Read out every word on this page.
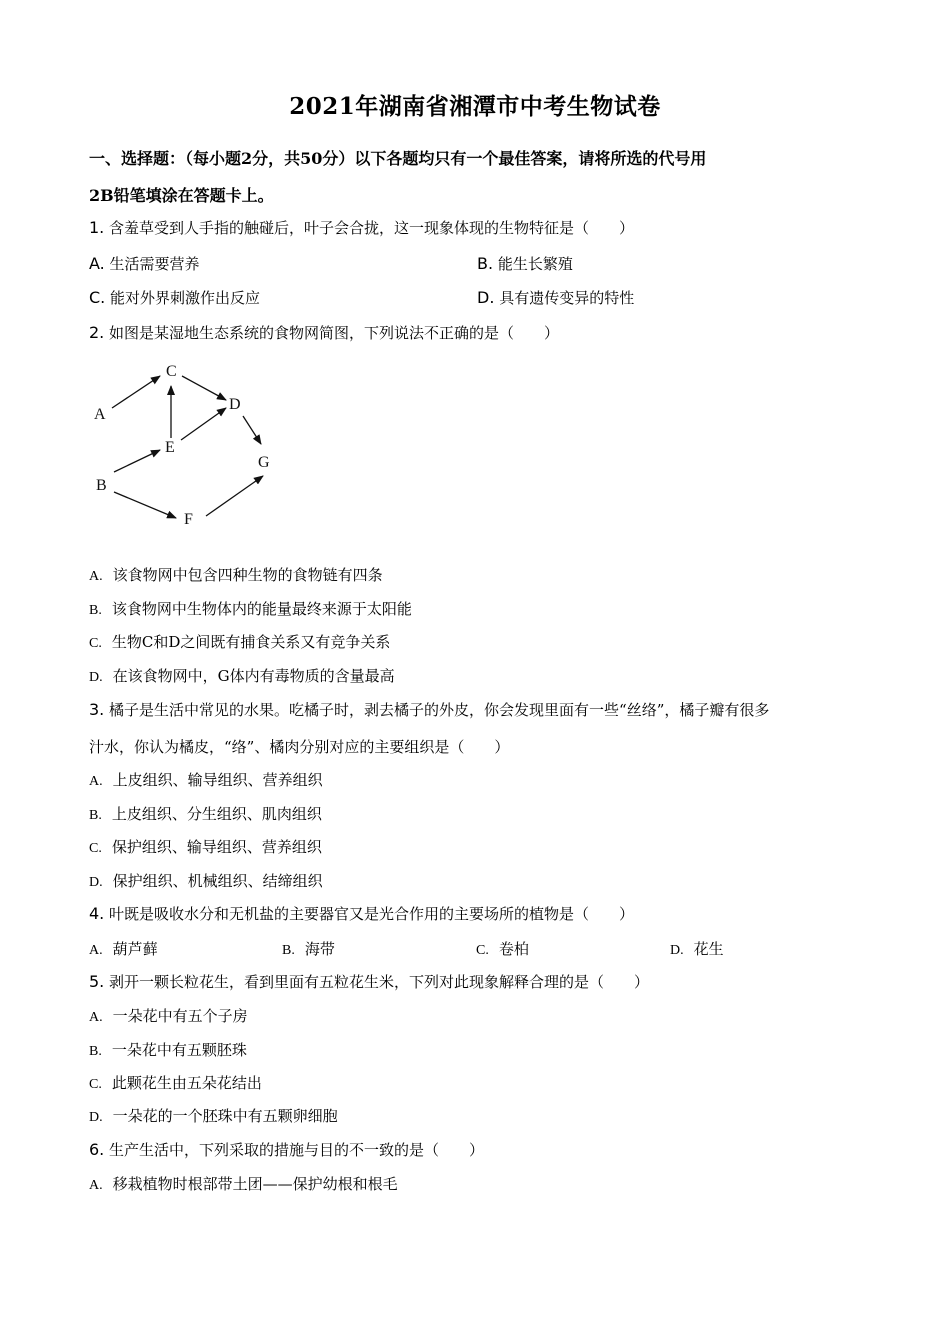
2021年湖南省湘潭市中考生物试卷
一、选择题：（每小题2分，共50分）以下各题均只有一个最佳答案，请将所选的代号用
2B铅笔填涂在答题卡上。
1. 含羞草受到人手指的触碰后，叶子会合拢，这一现象体现的生物特征是（　　）
A. 生活需要营养	B. 能生长繁殖
C. 能对外界刺激作出反应	D. 具有遗传变异的特性
2. 如图是某湿地生态系统的食物网简图，下列说法不正确的是（　　）
A
B
C
D
E
F
G
A. 该食物网中包含四种生物的食物链有四条
B. 该食物网中生物体内的能量最终来源于太阳能
C. 生物C和D之间既有捕食关系又有竞争关系
D. 在该食物网中，G体内有毒物质的含量最高
3. 橘子是生活中常见的水果。吃橘子时，剥去橘子的外皮，你会发现里面有一些“丝络”，橘子瓣有很多
汁水，你认为橘皮，“络”、橘肉分别对应的主要组织是（　　）
A. 上皮组织、输导组织、营养组织
B. 上皮组织、分生组织、肌肉组织
C. 保护组织、输导组织、营养组织
D. 保护组织、机械组织、结缔组织
4. 叶既是吸收水分和无机盐的主要器官又是光合作用的主要场所的植物是（　　）
A. 葫芦藓	B. 海带	C. 卷柏	D. 花生
5. 剥开一颗长粒花生，看到里面有五粒花生米，下列对此现象解释合理的是（　　）
A. 一朵花中有五个子房
B. 一朵花中有五颗胚珠
C. 此颗花生由五朵花结出
D. 一朵花的一个胚珠中有五颗卵细胞
6. 生产生活中，下列采取的措施与目的不一致的是（　　）
A. 移栽植物时根部带土团——保护幼根和根毛
